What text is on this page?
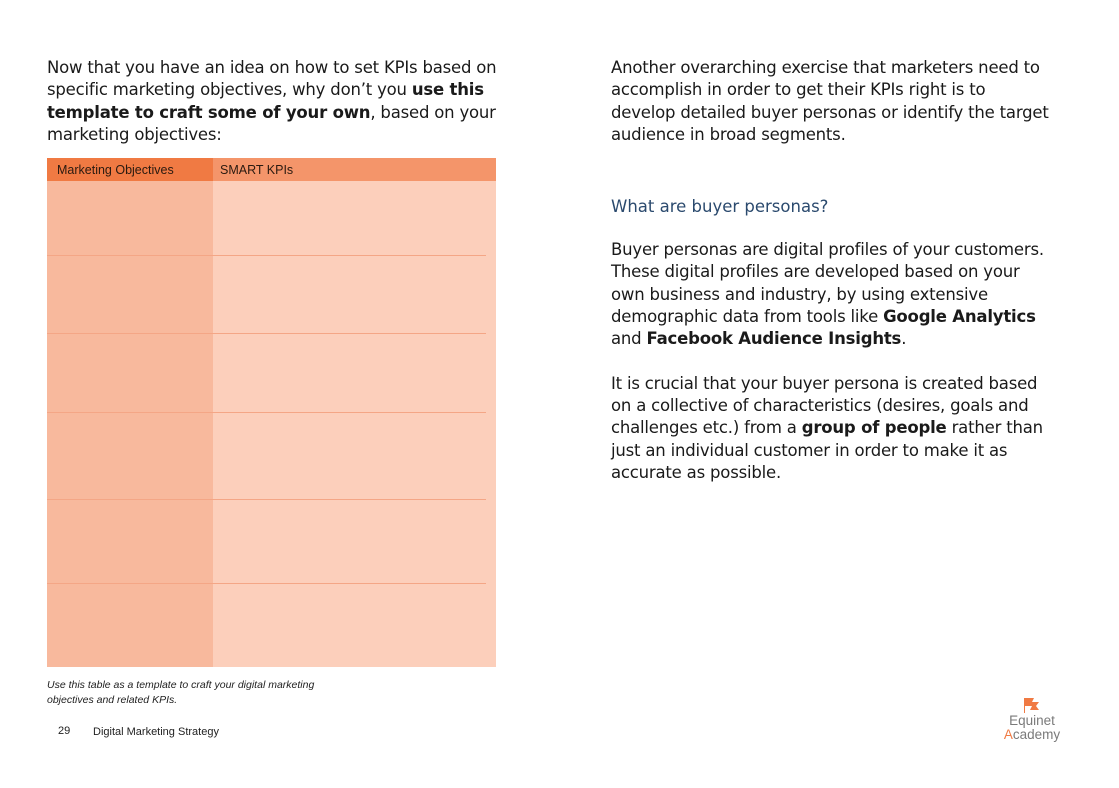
Now that you have an idea on how to set KPIs based on specific marketing objectives, why don’t you use this template to craft some of your own, based on your marketing objectives:

Marketing Objectives	SMART KPIs
Use this table as a template to craft your digital marketing objectives and related KPIs.
29 Digital Marketing Strategy

Another overarching exercise that marketers need to accomplish in order to get their KPIs right is to develop detailed buyer personas or identify the target audience in broad segments.

What are buyer personas?

Buyer personas are digital profiles of your customers. These digital profiles are developed based on your own business and industry, by using extensive demographic data from tools like Google Analytics and Facebook Audience Insights.

It is crucial that your buyer persona is created based on a collective of characteristics (desires, goals and challenges etc.) from a group of people rather than just an individual customer in order to make it as accurate as possible.

Equinet
Academy
